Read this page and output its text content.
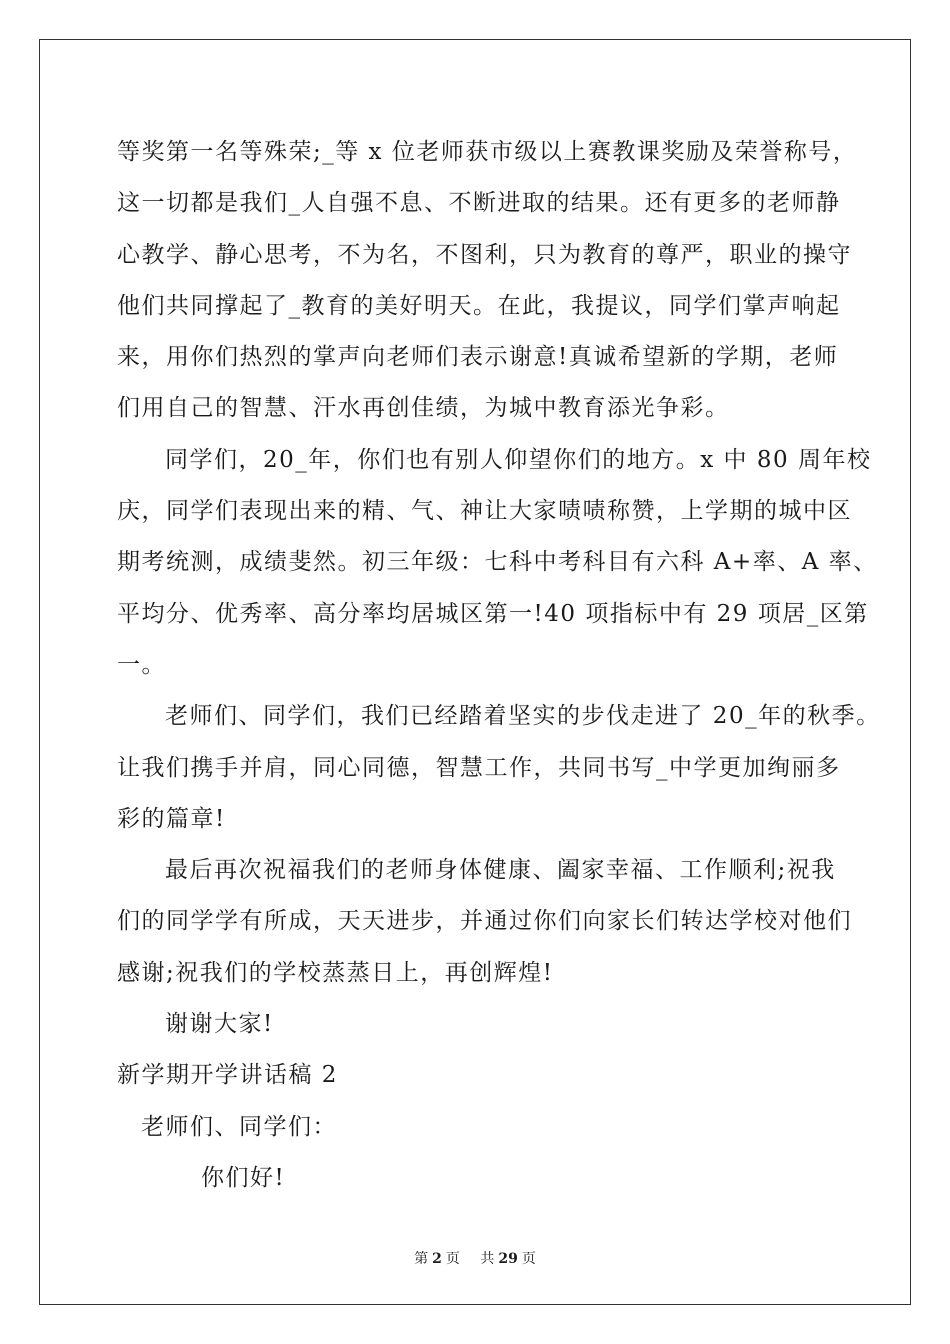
等奖第一名等殊荣;_等 x 位老师获市级以上赛教课奖励及荣誉称号，

这一切都是我们_人自强不息、不断进取的结果。还有更多的老师静

心教学、静心思考，不为名，不图利，只为教育的尊严，职业的操守

他们共同撑起了_教育的美好明天。在此，我提议，同学们掌声响起

来，用你们热烈的掌声向老师们表示谢意!真诚希望新的学期，老师

们用自己的智慧、汗水再创佳绩，为城中教育添光争彩。

同学们，20_年，你们也有别人仰望你们的地方。x 中 80 周年校

庆，同学们表现出来的精、气、神让大家啧啧称赞，上学期的城中区

期考统测，成绩斐然。初三年级：七科中考科目有六科 A+率、A 率、

平均分、优秀率、高分率均居城区第一!40 项指标中有 29 项居_区第

一。

老师们、同学们，我们已经踏着坚实的步伐走进了 20_年的秋季。

让我们携手并肩，同心同德，智慧工作，共同书写_中学更加绚丽多

彩的篇章!

最后再次祝福我们的老师身体健康、阖家幸福、工作顺利;祝我

们的同学学有所成，天天进步，并通过你们向家长们转达学校对他们

感谢;祝我们的学校蒸蒸日上，再创辉煌!

谢谢大家!

新学期开学讲话稿 2

老师们、同学们：

你们好!

第 2 页 共 29 页
